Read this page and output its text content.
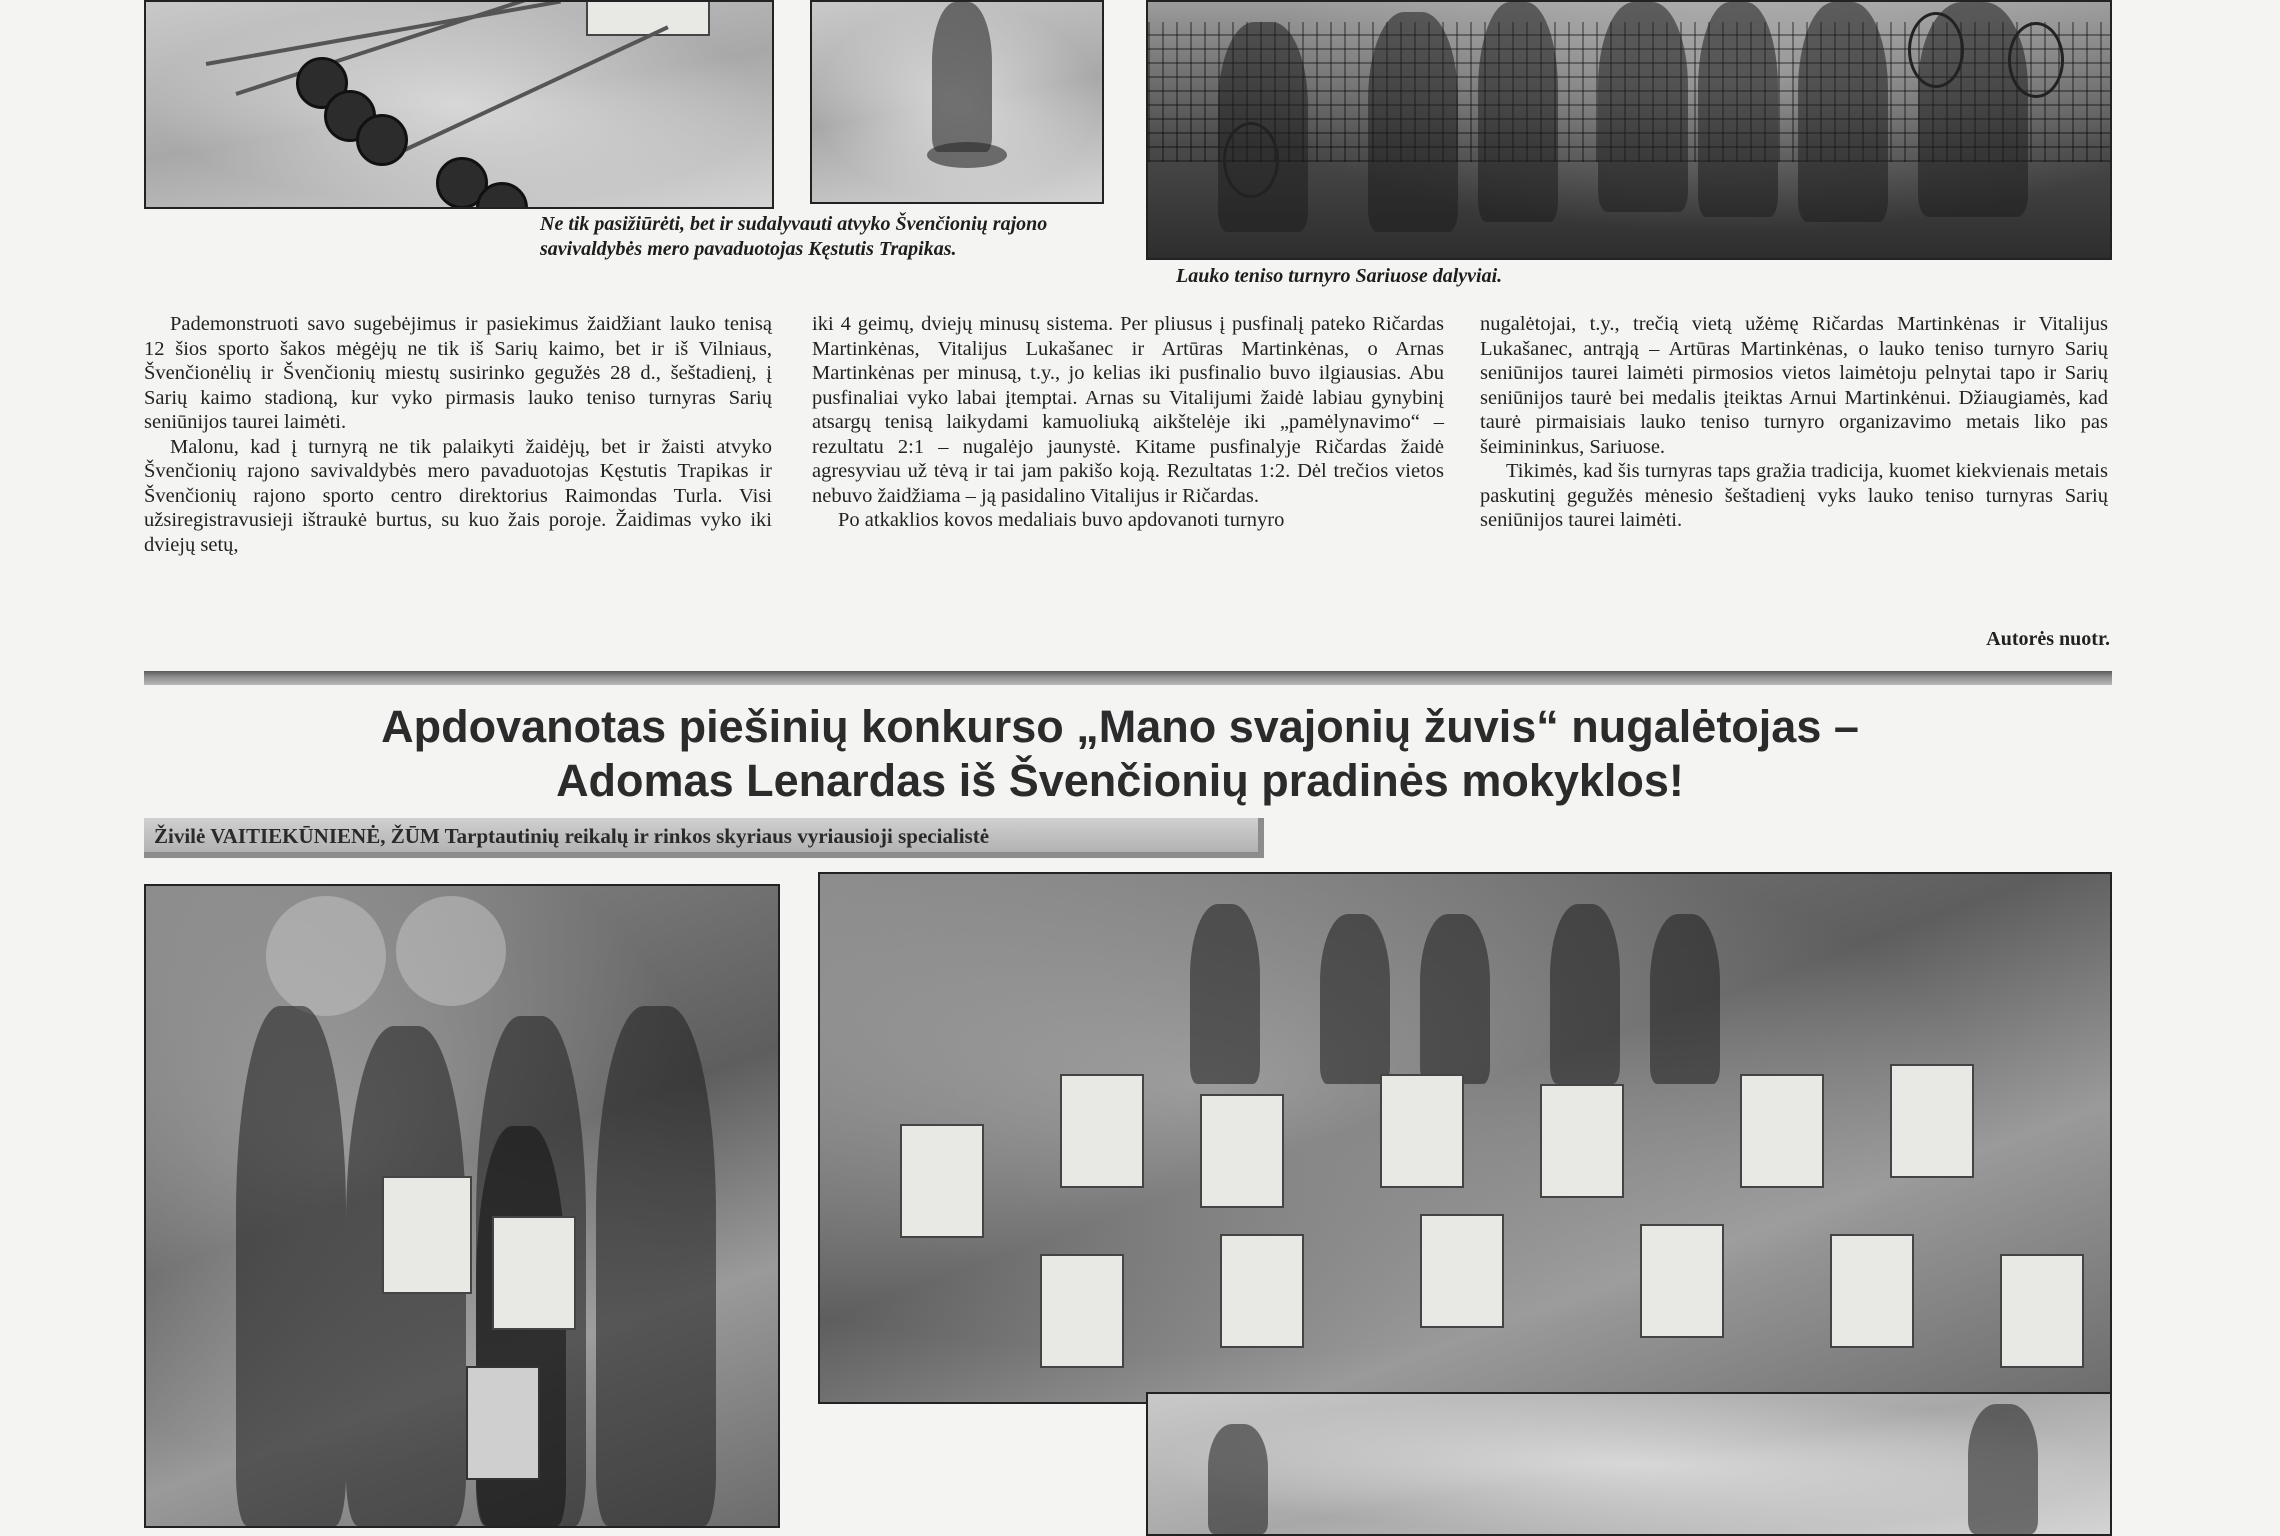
Ne tik pasižiūrėti, bet ir sudalyvauti atvyko Švenčionių rajono savivaldybės mero pavaduotojas Kęstutis Trapikas.
Lauko teniso turnyro Sariuose dalyviai.

Pademonstruoti savo sugebėjimus ir pasiekimus žaidžiant lauko tenisą 12 šios sporto šakos mėgėjų ne tik iš Sarių kaimo, bet ir iš Vilniaus, Švenčionėlių ir Švenčionių miestų susirinko gegužės 28 d., šeštadienį, į Sarių kaimo stadioną, kur vyko pirmasis lauko teniso turnyras Sarių seniūnijos taurei laimėti.

Malonu, kad į turnyrą ne tik palaikyti žaidėjų, bet ir žaisti atvyko Švenčionių rajono savivaldybės mero pavaduotojas Kęstutis Trapikas ir Švenčionių rajono sporto centro direktorius Raimondas Turla. Visi užsiregistravusieji ištraukė burtus, su kuo žais poroje. Žaidimas vyko iki dviejų setų,

iki 4 geimų, dviejų minusų sistema. Per pliusus į pusfinalį pateko Ričardas Martinkėnas, Vitalijus Lukašanec ir Artūras Martinkėnas, o Arnas Martinkėnas per minusą, t.y., jo kelias iki pusfinalio buvo ilgiausias. Abu pusfinaliai vyko labai įtemptai. Arnas su Vitalijumi žaidė labiau gynybinį atsargų tenisą laikydami kamuoliuką aikštelėje iki „pamėlynavimo“ – rezultatu 2:1 – nugalėjo jaunystė. Kitame pusfinalyje Ričardas žaidė agresyviau už tėvą ir tai jam pakišo koją. Rezultatas 1:2. Dėl trečios vietos nebuvo žaidžiama – ją pasidalino Vitalijus ir Ričardas.

Po atkaklios kovos medaliais buvo apdovanoti turnyro

nugalėtojai, t.y., trečią vietą užėmę Ričardas Martinkėnas ir Vitalijus Lukašanec, antrąją – Artūras Martinkėnas, o lauko teniso turnyro Sarių seniūnijos taurei laimėti pirmosios vietos laimėtoju pelnytai tapo ir Sarių seniūnijos taurė bei medalis įteiktas Arnui Martinkėnui. Džiaugiamės, kad taurė pirmaisiais lauko teniso turnyro organizavimo metais liko pas šeimininkus, Sariuose.

Tikimės, kad šis turnyras taps gražia tradicija, kuomet kiekvienais metais paskutinį gegužės mėnesio šeštadienį vyks lauko teniso turnyras Sarių seniūnijos taurei laimėti.

Autorės nuotr.
Apdovanotas piešinių konkurso „Mano svajonių žuvis“ nugalėtojas –
Adomas Lenardas iš Švenčionių pradinės mokyklos!
Živilė VAITIEKŪNIENĖ, ŽŪM Tarptautinių reikalų ir rinkos skyriaus vyriausioji specialistė
